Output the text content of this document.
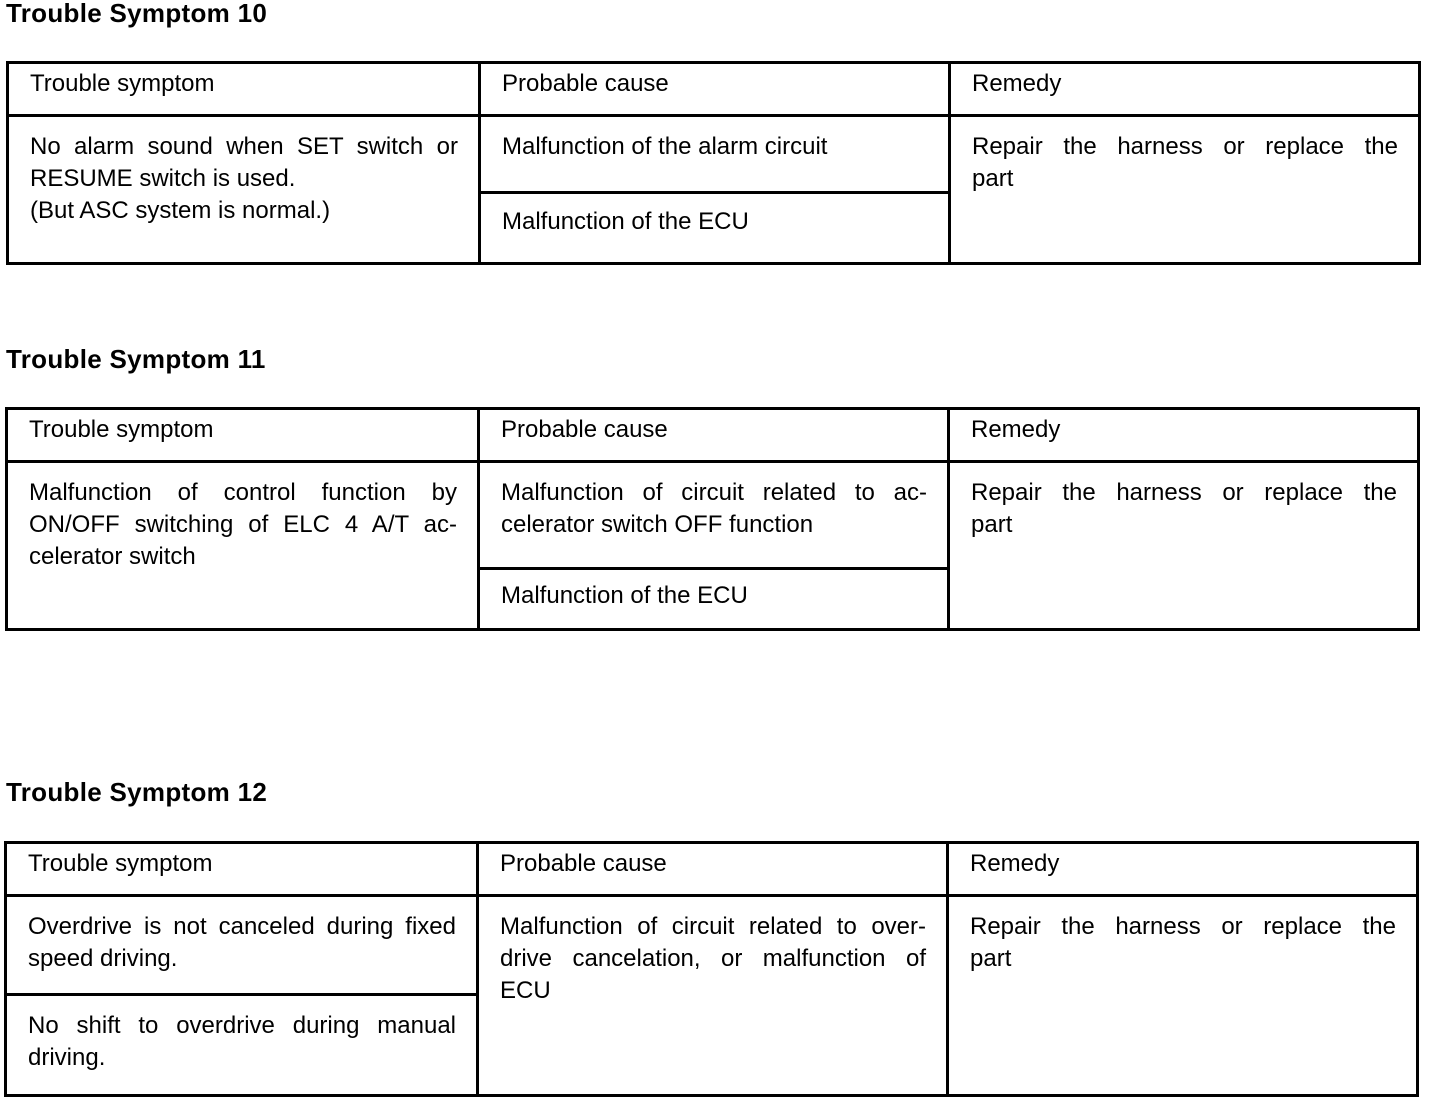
Trouble Symptom 10
Trouble symptom	Probable cause	Remedy

No alarm sound when SET switch or
RESUME switch is used.
(But ASC system is normal.)	Malfunction of the alarm circuit	Repair the harness or replace the
part

	Malfunction of the ECU	
Trouble Symptom 11
Trouble symptom	Probable cause	Remedy

Malfunction of control function by
ON/OFF switching of ELC 4 A/T ac-
celerator switch	Malfunction of circuit related to ac-
celerator switch OFF function	Repair the harness or replace the
part

	Malfunction of the ECU	
Trouble Symptom 12
Trouble symptom	Probable cause	Remedy

Overdrive is not canceled during fixed
speed driving.	Malfunction of circuit related to over-
drive cancelation, or malfunction of
ECU	Repair the harness or replace the
part

No shift to overdrive during manual
driving.		
